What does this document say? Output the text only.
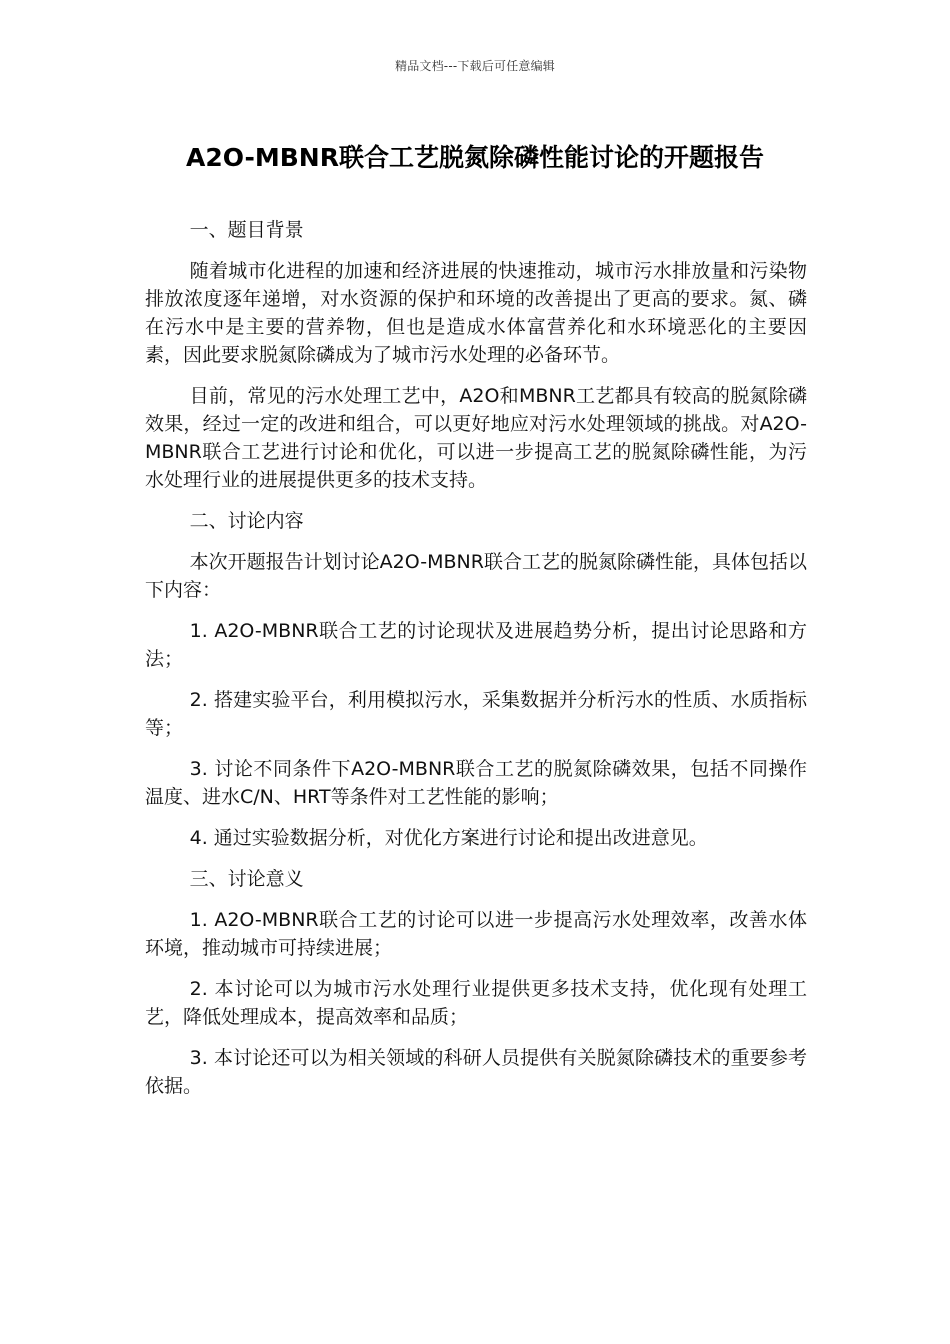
精品文档---下载后可任意编辑
A2O-MBNR联合工艺脱氮除磷性能讨论的开题报告

一、题目背景

随着城市化进程的加速和经济进展的快速推动，城市污水排放量和污染物排放浓度逐年递增，对水资源的保护和环境的改善提出了更高的要求。氮、磷在污水中是主要的营养物，但也是造成水体富营养化和水环境恶化的主要因素，因此要求脱氮除磷成为了城市污水处理的必备环节。

目前，常见的污水处理工艺中，A2O和MBNR工艺都具有较高的脱氮除磷效果，经过一定的改进和组合，可以更好地应对污水处理领域的挑战。对A2O-MBNR联合工艺进行讨论和优化，可以进一步提高工艺的脱氮除磷性能，为污水处理行业的进展提供更多的技术支持。

二、讨论内容

本次开题报告计划讨论A2O-MBNR联合工艺的脱氮除磷性能，具体包括以下内容：

1. A2O-MBNR联合工艺的讨论现状及进展趋势分析，提出讨论思路和方法；

2. 搭建实验平台，利用模拟污水，采集数据并分析污水的性质、水质指标等；

3. 讨论不同条件下A2O-MBNR联合工艺的脱氮除磷效果，包括不同操作温度、进水C/N、HRT等条件对工艺性能的影响；

4. 通过实验数据分析，对优化方案进行讨论和提出改进意见。

三、讨论意义

1. A2O-MBNR联合工艺的讨论可以进一步提高污水处理效率，改善水体环境，推动城市可持续进展；

2. 本讨论可以为城市污水处理行业提供更多技术支持，优化现有处理工艺，降低处理成本，提高效率和品质；

3. 本讨论还可以为相关领域的科研人员提供有关脱氮除磷技术的重要参考依据。
